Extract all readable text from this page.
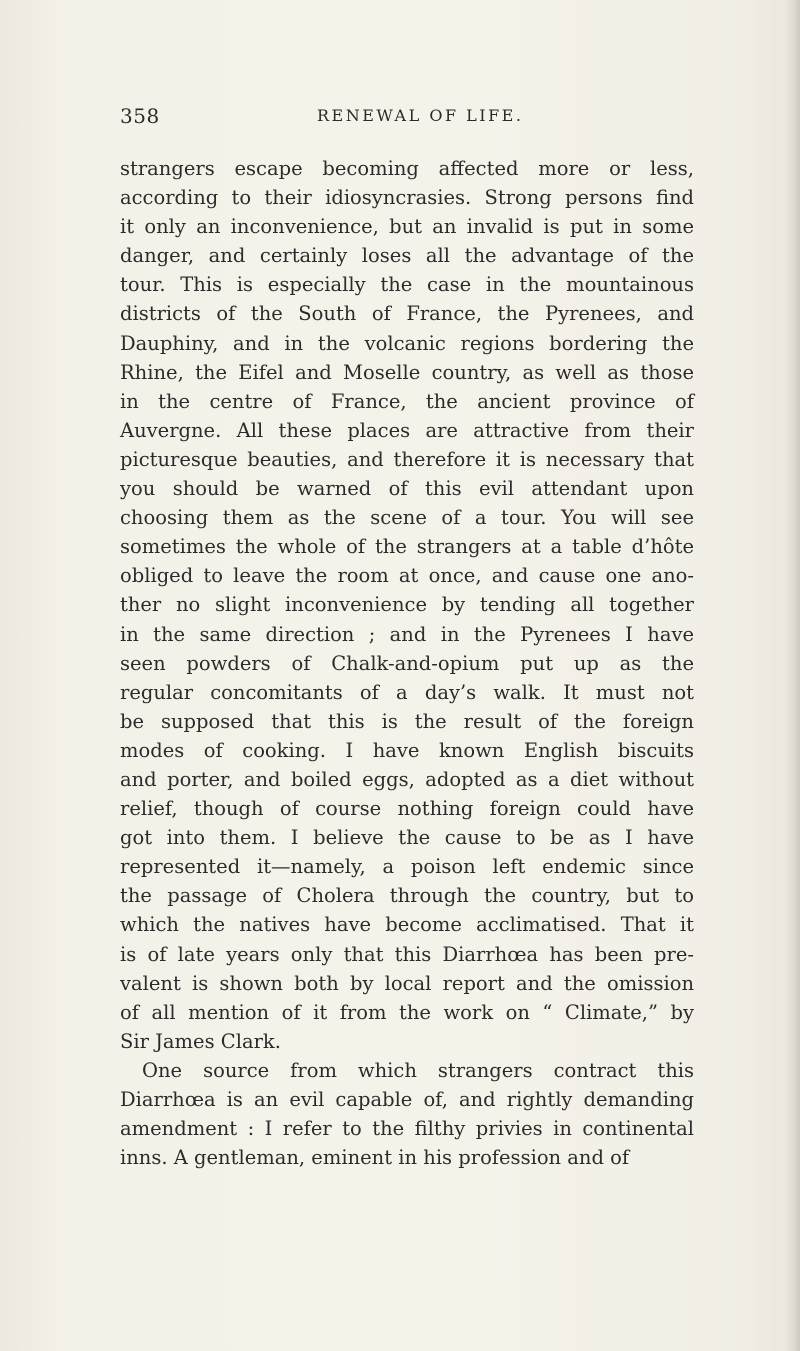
358	RENEWAL OF LIFE.
strangers escape becoming affected more or less,
according to their idiosyncrasies. Strong persons find
it only an inconvenience, but an invalid is put in some
danger, and certainly loses all the advantage of the
tour. This is especially the case in the mountainous
districts of the South of France, the Pyrenees, and
Dauphiny, and in the volcanic regions bordering the
Rhine, the Eifel and Moselle country, as well as those
in the centre of France, the ancient province of
Auvergne. All these places are attractive from their
picturesque beauties, and therefore it is necessary that
you should be warned of this evil attendant upon
choosing them as the scene of a tour. You will see
sometimes the whole of the strangers at a table d’hôte
obliged to leave the room at once, and cause one ano-
ther no slight inconvenience by tending all together
in the same direction ; and in the Pyrenees I have
seen powders of Chalk-and-opium put up as the
regular concomitants of a day’s walk. It must not
be supposed that this is the result of the foreign
modes of cooking. I have known English biscuits
and porter, and boiled eggs, adopted as a diet without
relief, though of course nothing foreign could have
got into them. I believe the cause to be as I have
represented it—namely, a poison left endemic since
the passage of Cholera through the country, but to
which the natives have become acclimatised. That it
is of late years only that this Diarrhœa has been pre-
valent is shown both by local report and the omission
of all mention of it from the work on “ Climate,” by
Sir James Clark.
One source from which strangers contract this
Diarrhœa is an evil capable of, and rightly demanding
amendment : I refer to the filthy privies in continental
inns. A gentleman, eminent in his profession and of
